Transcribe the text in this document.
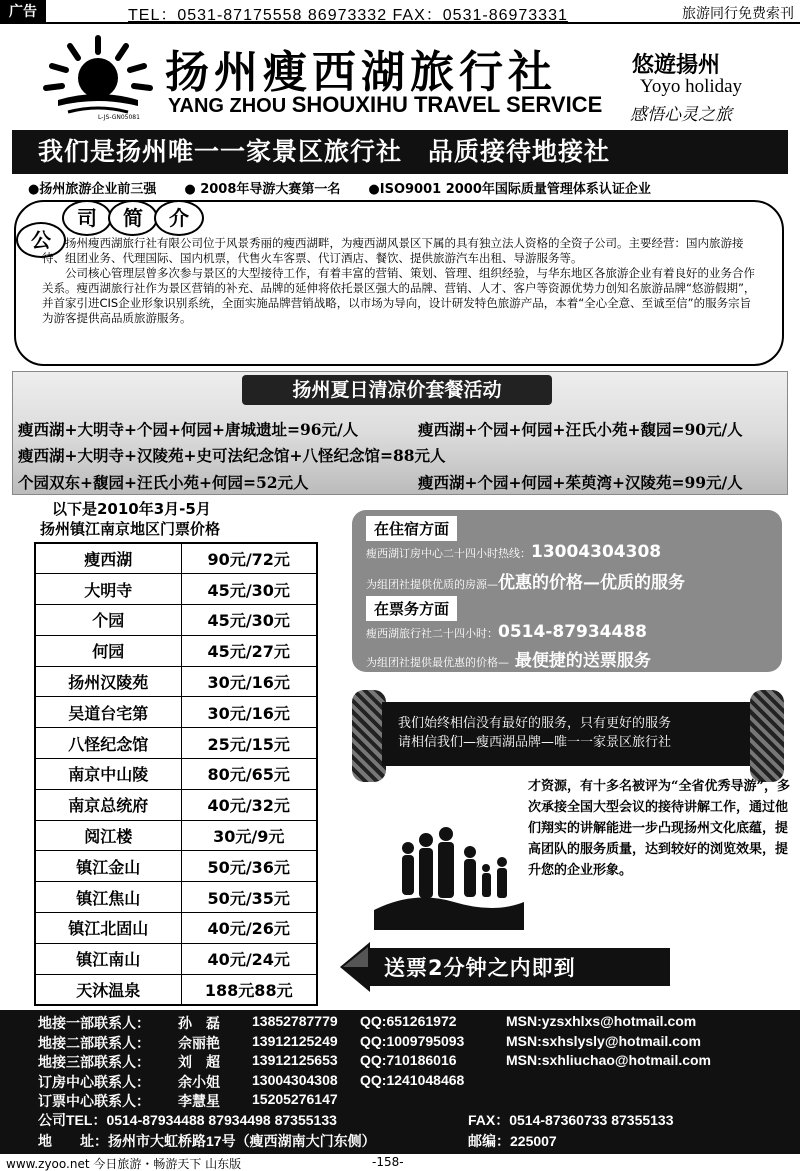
广告	TEL：0531-87175558 86973332 FAX：0531-86973331	旅游同行免费索刊
L-JS-GN05081
扬州瘦西湖旅行社
YANG ZHOU SHOUXIHU TRAVEL SERVICE
悠遊揚州
Yoyo holiday
感悟心灵之旅
我们是扬州唯一一家景区旅行社　品质接待地接社
●扬州旅游企业前三强 ● 2008年导游大赛第一名 ●ISO9001 2000年国际质量管理体系认证企业
公
司	简	介

扬州瘦西湖旅行社有限公司位于风景秀丽的瘦西湖畔，为瘦西湖风景区下属的具有独立法人资格的全资子公司。主要经营：国内旅游接待、组团业务、代理国际、国内机票，代售火车客票、代订酒店、餐饮、提供旅游汽车出租、导游服务等。

公司核心管理层曾多次参与景区的大型接待工作，有着丰富的营销、策划、管理、组织经验，与华东地区各旅游企业有着良好的业务合作关系。瘦西湖旅行社作为景区营销的补充、品牌的延伸将依托景区强大的品牌、营销、人才、客户等资源优势力创知名旅游品牌“悠游假期”，并首家引进CIS企业形象识别系统，全面实施品牌营销战略，以市场为导向，设计研发特色旅游产品，本着“全心全意、至诚至信”的服务宗旨为游客提供高品质旅游服务。

扬州夏日清凉价套餐活动
瘦西湖+大明寺+个园+何园+唐城遗址=96元/人	瘦西湖+个园+何园+汪氏小苑+馥园=90元/人
瘦西湖+大明寺+汉陵苑+史可法纪念馆+八怪纪念馆=88元人
个园双东+馥园+汪氏小苑+何园=52元人	瘦西湖+个园+何园+茱萸湾+汉陵苑=99元/人
以下是2010年3月-5月
扬州镇江南京地区门票价格
瘦西湖	90元/72元
大明寺	45元/30元
个园	45元/30元
何园	45元/27元
扬州汉陵苑	30元/16元
吴道台宅第	30元/16元
八怪纪念馆	25元/15元
南京中山陵	80元/65元
南京总统府	40元/32元
阅江楼	30元/9元
镇江金山	50元/36元
镇江焦山	50元/35元
镇江北固山	40元/26元
镇江南山	40元/24元
天沐温泉	188元88元
在住宿方面
瘦西湖订房中心二十四小时热线：13004304308
为组团社提供优质的房源—优惠的价格—优质的服务
在票务方面
瘦西湖旅行社二十四小时：0514-87934488
为组团社提供最优惠的价格— 最便捷的送票服务
我们始终相信没有最好的服务，只有更好的服务
请相信我们—瘦西湖品牌—唯一一家景区旅行社
才资源，有十多名被评为“全省优秀导游”，多次承接全国大型会议的接待讲解工作，通过他们翔实的讲解能进一步凸现扬州文化底蕴，提高团队的服务质量，达到较好的浏览效果，提升您的企业形象。
送票2分钟之内即到
地接一部联系人： 孙　磊 13852787779 QQ:651261972	MSN:yzsxhlxs@hotmail.com
地接二部联系人： 佘丽艳 13912125249 QQ:1009795093	MSN:sxhslysly@hotmail.com
地接三部联系人： 刘　超 13912125653 QQ:710186016	MSN:sxhliuchao@hotmail.com
订房中心联系人： 余小姐 13004304308 QQ:1241048468
订票中心联系人： 李慧星 15205276147
公司TEL：0514-87934488 87934498 87355133	FAX：0514-87360733 87355133
地　　址：扬州市大虹桥路17号（瘦西湖南大门东侧）	邮编：225007
www.zyoo.net 今日旅游・畅游天下 山东版	-158-
